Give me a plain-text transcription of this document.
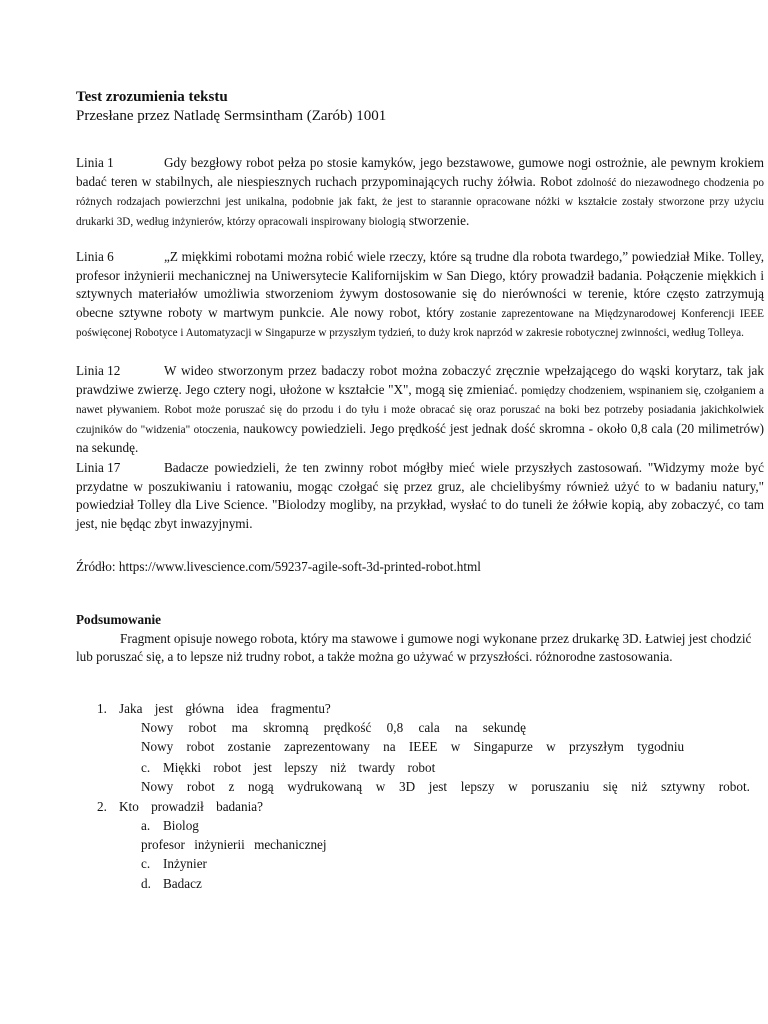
Test zrozumienia tekstu
Przesłane przez Natladę Sermsintham (Zarób) 1001
Linia 1	Gdy bezgłowy robot pełza po stosie kamyków, jego bezstawowe, gumowe nogi ostrożnie, ale pewnym krokiem badać teren w stabilnych, ale niespiesznych ruchach przypominających ruchy żółwia. Robot zdolność do niezawodnego chodzenia po różnych rodzajach powierzchni jest unikalna, podobnie jak fakt, że jest to starannie opracowane nóżki w kształcie zostały stworzone przy użyciu drukarki 3D, według inżynierów, którzy opracowali inspirowany biologią stworzenie.
Linia 6	„Z miękkimi robotami można robić wiele rzeczy, które są trudne dla robota twardego,” powiedział Mike. Tolley, profesor inżynierii mechanicznej na Uniwersytecie Kalifornijskim w San Diego, który prowadził badania. Połączenie miękkich i sztywnych materiałów umożliwia stworzeniom żywym dostosowanie się do nierówności w terenie, które często zatrzymują obecne sztywne roboty w martwym punkcie. Ale nowy robot, który zostanie zaprezentowane na Międzynarodowej Konferencji IEEE poświęconej Robotyce i Automatyzacji w Singapurze w przyszłym tydzień, to duży krok naprzód w zakresie robotycznej zwinności, według Tolleya.
Linia 12	W wideo stworzonym przez badaczy robot można zobaczyć zręcznie wpełzającego do wąski korytarz, tak jak prawdziwe zwierzę. Jego cztery nogi, ułożone w kształcie "X", mogą się zmieniać. pomiędzy chodzeniem, wspinaniem się, czołganiem a nawet pływaniem. Robot może poruszać się do przodu i do tyłu i może obracać się oraz poruszać na boki bez potrzeby posiadania jakichkolwiek czujników do "widzenia" otoczenia, naukowcy powiedzieli. Jego prędkość jest jednak dość skromna - około 0,8 cala (20 milimetrów) na sekundę.
Linia 17	Badacze powiedzieli, że ten zwinny robot mógłby mieć wiele przyszłych zastosowań. "Widzymy może być przydatne w poszukiwaniu i ratowaniu, mogąc czołgać się przez gruz, ale chcielibyśmy również użyć to w badaniu natury," powiedział Tolley dla Live Science. "Biolodzy mogliby, na przykład, wysłać to do tuneli że żółwie kopią, aby zobaczyć, co tam jest, nie będąc zbyt inwazyjnymi.
Źródło: https://www.livescience.com/59237-agile-soft-3d-printed-robot.html
Podsumowanie
Fragment opisuje nowego robota, który ma stawowe i gumowe nogi wykonane przez drukarkę 3D. Łatwiej jest chodzić lub poruszać się, a to lepsze niż trudny robot, a także można go używać w przyszłości. różnorodne zastosowania.
1. Jaka jest główna idea fragmentu?
Nowy robot ma skromną prędkość 0,8 cala na sekundę
Nowy robot zostanie zaprezentowany na IEEE w Singapurze w przyszłym tygodniu
c. Miękki robot jest lepszy niż twardy robot
Nowy robot z nogą wydrukowaną w 3D jest lepszy w poruszaniu się niż sztywny robot.
2. Kto prowadził badania?
a. Biolog
profesor inżynierii mechanicznej
c. Inżynier
d. Badacz
